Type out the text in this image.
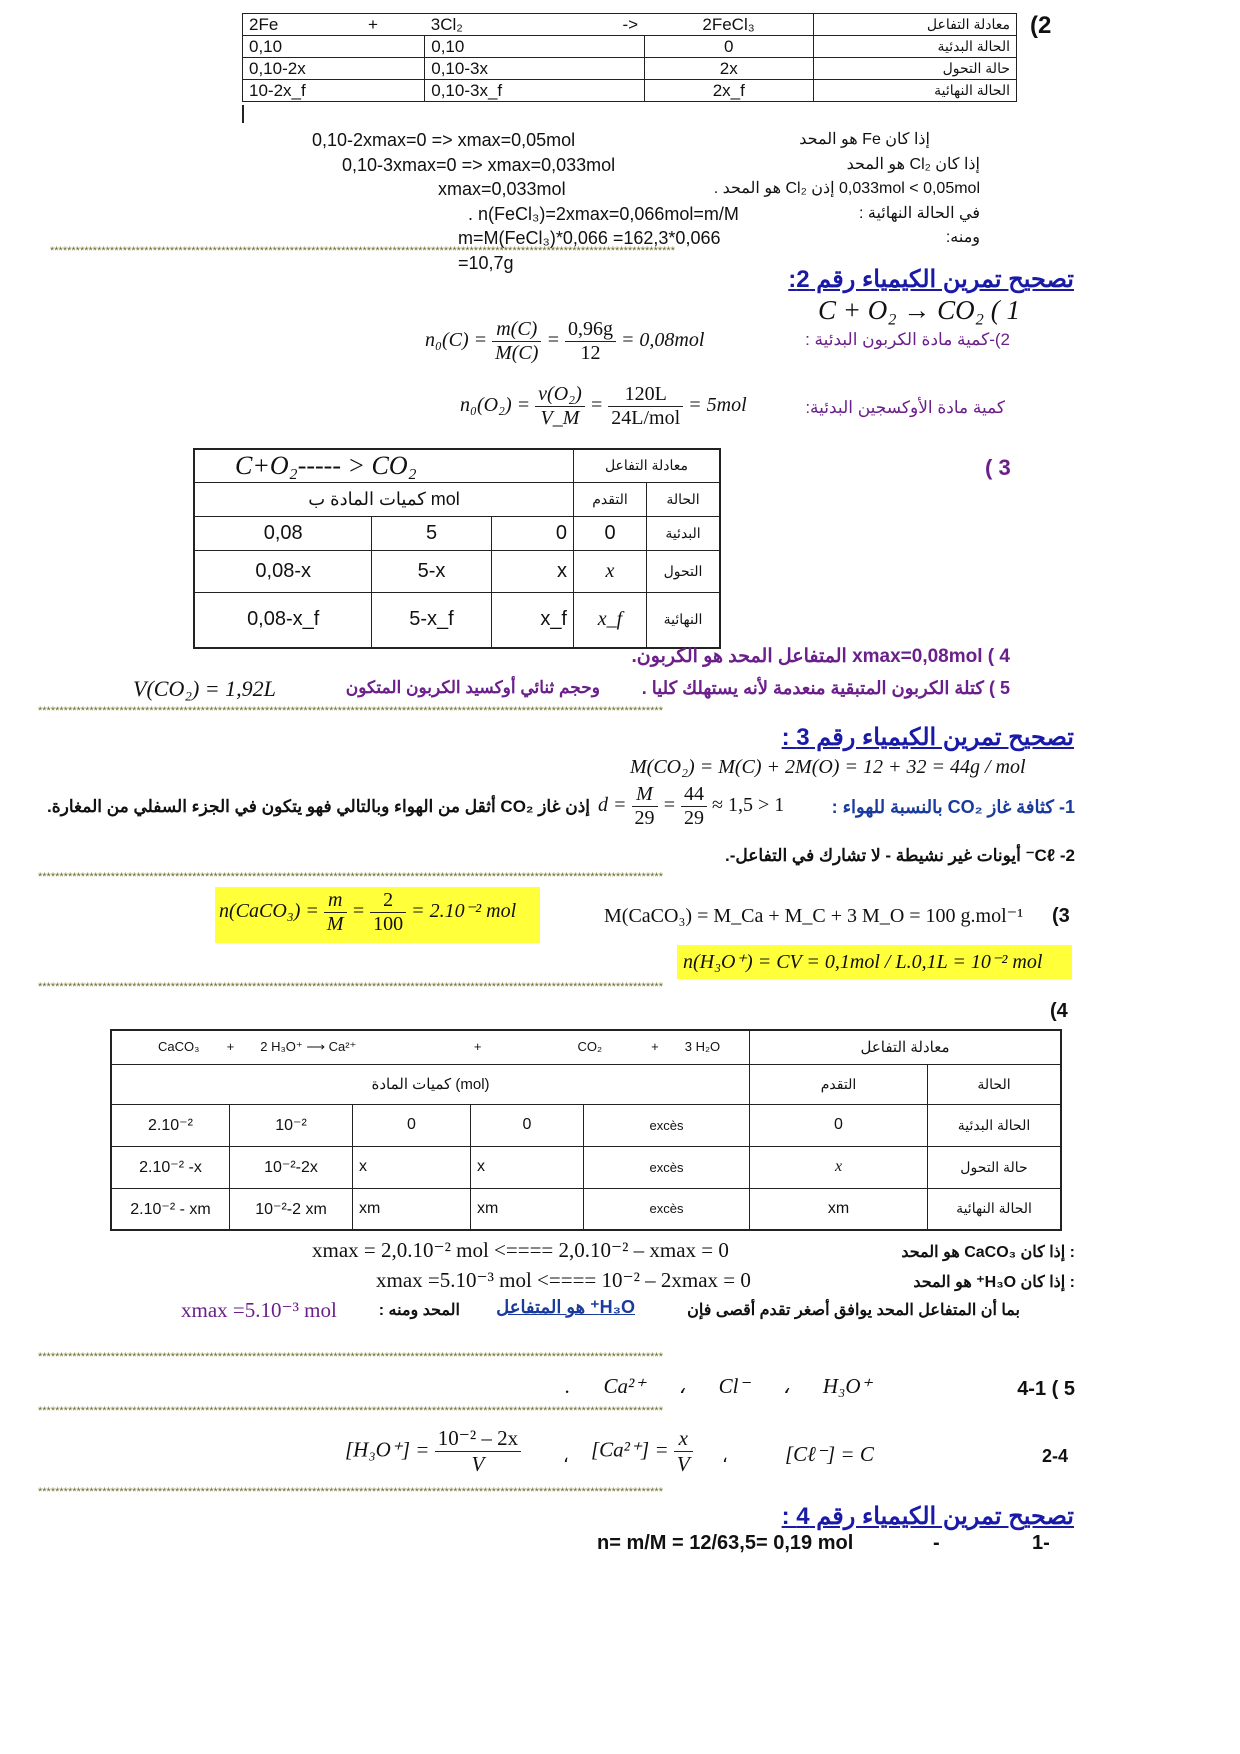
(2
2Fe	+	3Cl₂	->	2FeCl₃	معادلة التفاعل
0,10		0,10		0	الحالة البدئية
0,10-2x		0,10-3x		2x	حالة التحول
10-2x_f		0,10-3x_f		2x_f	الحالة النهائية
0,10-2xmax=0 => xmax=0,05mol
0,10-3xmax=0 => xmax=0,033mol
xmax=0,033mol
. n(FeCl₃)=2xmax=0,066mol=m/M
m=M(FeCl₃)*0,066 =162,3*0,066 =10,7g
إذا كان Fe هو المحد
إذا كان Cl₂ هو المحد
0,033mol < 0,05mol إذن Cl₂ هو المحد .
في الحالة النهائية :
ومنه:
**************************************************************************************************************************************************
تصحيح تمرين الكيمياء رقم 2:
C + O₂ → CO₂ ( 1
2)-كمية مادة الكربون البدئية :
$n_0(C) = \frac{m(C)}{M(C)} = \frac{0,96g}{12} = 0,08mol$
كمية مادة الأوكسجين البدئية:
$n_0(O_2) = \frac{\text{v(O₂)}}{V\_M} = \frac{120L}{\text{24L/mol}} = 5mol$
( 3
C+O₂----- > CO₂			معادلة التفاعل	
mol كميات المادة ب			التقدم	الحالة
0,08	5	0	0	البدئية
0,08-x	5-x	x	x	التحول
0,08-x_f	5-x_f	x_f	x_f	النهائية
4 ) xmax=0,08mol المتفاعل المحد هو الكربون.
5 ) كتلة الكربون المتبقية منعدمة لأنه يستهلك كليا .
وحجم ثنائي أوكسيد الكربون المتكون
V(CO₂) = 1,92L
**************************************************************************************************************************************************
تصحيح تمرين الكيمياء رقم 3 :
M(CO₂) = M(C) + 2M(O) = 12 + 32 = 44g / mol
1- كثافة غاز CO₂ بالنسبة للهواء :
$d = \frac{M}{29} = \frac{44}{29} \approx 1,5 > 1$
إذن غاز CO₂ أثقل من الهواء وبالتالي فهو يتكون في الجزء السفلي من المغارة.
2- Cℓ⁻ أيونات غير نشيطة - لا تشارك في التفاعل-.
**************************************************************************************************************************************************
(3
M(CaCO₃) = M_Ca + M_C + 3 M_O = 100 g.mol⁻¹
n(CaCO₃) = $\frac{m}{M} = \frac{2}{100} = 2.10^{-2}$ mol
n(H₃O⁺) = CV = 0,1mol / L.0,1L = 10⁻² mol
**************************************************************************************************************************************************
(4
CaCO₃ + 2 H₃O⁺ ⟶ Ca²⁺ + CO₂ + 3 H₂O					معادلة التفاعل	
(mol) كميات المادة					التقدم	الحالة
2.10⁻²	10⁻²	0	0	excès	0	الحالة البدئية
2.10⁻² -x	10⁻²-2x	x	x	excès	x	حالة التحول
2.10⁻² - xm	10⁻²-2 xm	xm	xm	excès	xm	الحالة النهائية
xmax = 2,0.10⁻² mol <==== 2,0.10⁻² – xmax = 0	: إذا كان CaCO₃ هو المحد
xmax =5.10⁻³ mol <==== 10⁻² – 2xmax = 0	: إذا كان H₃O⁺ هو المحد
بما أن المتفاعل المحد يوافق أصغر تقدم أقصى فإن
H₃O⁺ هو المتفاعل
المحد ومنه :
xmax =5.10⁻³ mol
**************************************************************************************************************************************************
5 ) 4-1
. Ca²⁺ ، Cl⁻ ، H₃O⁺
**************************************************************************************************************************************************
2-4
$[H_3O^+] = \frac{\text{10⁻² – 2x}}{V}$ ، $[Ca^{2+}] = \frac{x}{V}$ ،	[Cℓ⁻] = C
**************************************************************************************************************************************************
تصحيح تمرين الكيمياء رقم 4 :
n= m/M = 12/63,5= 0,19 mol	-	1-
